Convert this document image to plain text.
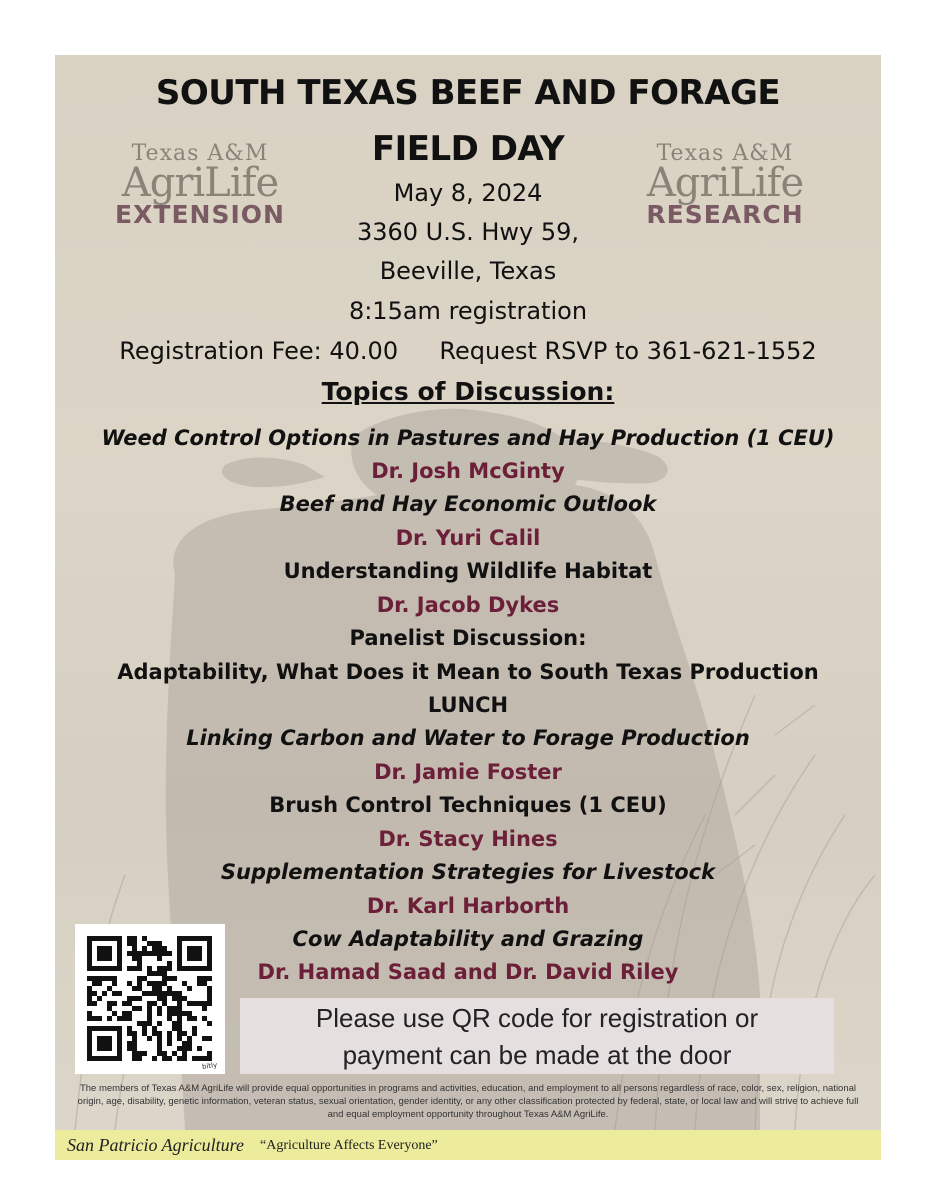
Texas A&M
AgriLife
EXTENSION
Texas A&M
AgriLife
RESEARCH
SOUTH TEXAS BEEF AND FORAGE
FIELD DAY
May 8, 2024
3360 U.S. Hwy 59,
Beeville, Texas
8:15am registration
Registration Fee: 40.00 Request RSVP to 361-621-1552
Topics of Discussion:
Weed Control Options in Pastures and Hay Production (1 CEU)
Dr. Josh McGinty
Beef and Hay Economic Outlook
Dr. Yuri Calil
Understanding Wildlife Habitat
Dr. Jacob Dykes
Panelist Discussion:
Adaptability, What Does it Mean to South Texas Production
LUNCH
Linking Carbon and Water to Forage Production
Dr. Jamie Foster
Brush Control Techniques (1 CEU)
Dr. Stacy Hines
Supplementation Strategies for Livestock
Dr. Karl Harborth
Cow Adaptability and Grazing
Dr. Hamad Saad and Dr. David Riley
bitly
Please use QR code for registration or
payment can be made at the door
The members of Texas A&M AgriLife will provide equal opportunities in programs and activities, education, and employment to all persons regardless of race, color, sex, religion, national origin, age, disability, genetic information, veteran status, sexual orientation, gender identity, or any other classification protected by federal, state, or local law and will strive to achieve full and equal employment opportunity throughout Texas A&M AgriLife.
San Patricio Agriculture “Agriculture Affects Everyone”
